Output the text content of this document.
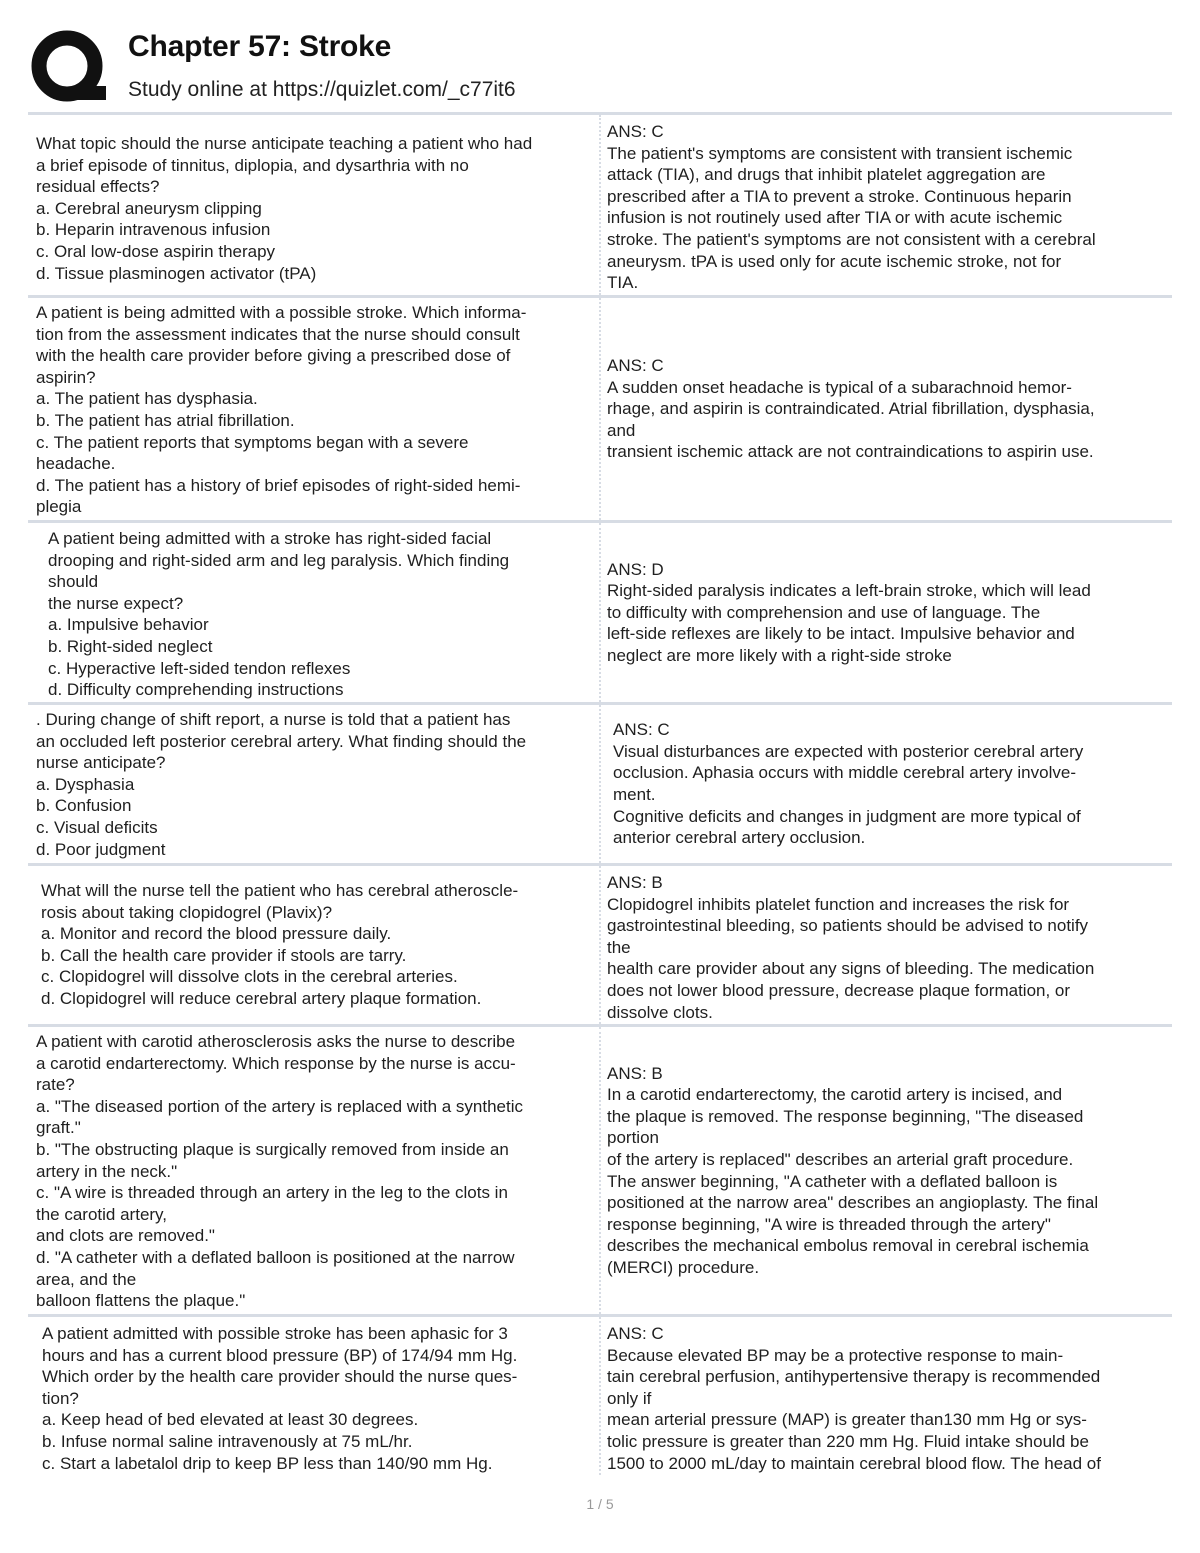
Chapter 57: Stroke

Study online at https://quizlet.com/_c77it6

What topic should the nurse anticipate teaching a patient who had
a brief episode of tinnitus, diplopia, and dysarthria with no
residual effects?
a. Cerebral aneurysm clipping
b. Heparin intravenous infusion
c. Oral low-dose aspirin therapy
d. Tissue plasminogen activator (tPA)
ANS: C
The patient's symptoms are consistent with transient ischemic
attack (TIA), and drugs that inhibit platelet aggregation are
prescribed after a TIA to prevent a stroke. Continuous heparin
infusion is not routinely used after TIA or with acute ischemic
stroke. The patient's symptoms are not consistent with a cerebral
aneurysm. tPA is used only for acute ischemic stroke, not for
TIA.
A patient is being admitted with a possible stroke. Which informa-
tion from the assessment indicates that the nurse should consult
with the health care provider before giving a prescribed dose of
aspirin?
a. The patient has dysphasia.
b. The patient has atrial fibrillation.
c. The patient reports that symptoms began with a severe
headache.
d. The patient has a history of brief episodes of right-sided hemi-
plegia
ANS: C
A sudden onset headache is typical of a subarachnoid hemor-
rhage, and aspirin is contraindicated. Atrial fibrillation, dysphasia,
and
transient ischemic attack are not contraindications to aspirin use.
A patient being admitted with a stroke has right-sided facial
drooping and right-sided arm and leg paralysis. Which finding
should
the nurse expect?
a. Impulsive behavior
b. Right-sided neglect
c. Hyperactive left-sided tendon reflexes
d. Difficulty comprehending instructions
ANS: D
Right-sided paralysis indicates a left-brain stroke, which will lead
to difficulty with comprehension and use of language. The
left-side reflexes are likely to be intact. Impulsive behavior and
neglect are more likely with a right-side stroke
. During change of shift report, a nurse is told that a patient has
an occluded left posterior cerebral artery. What finding should the
nurse anticipate?
a. Dysphasia
b. Confusion
c. Visual deficits
d. Poor judgment
ANS: C
Visual disturbances are expected with posterior cerebral artery
occlusion. Aphasia occurs with middle cerebral artery involve-
ment.
Cognitive deficits and changes in judgment are more typical of
anterior cerebral artery occlusion.
What will the nurse tell the patient who has cerebral atheroscle-
rosis about taking clopidogrel (Plavix)?
a. Monitor and record the blood pressure daily.
b. Call the health care provider if stools are tarry.
c. Clopidogrel will dissolve clots in the cerebral arteries.
d. Clopidogrel will reduce cerebral artery plaque formation.
ANS: B
Clopidogrel inhibits platelet function and increases the risk for
gastrointestinal bleeding, so patients should be advised to notify
the
health care provider about any signs of bleeding. The medication
does not lower blood pressure, decrease plaque formation, or
dissolve clots.
A patient with carotid atherosclerosis asks the nurse to describe
a carotid endarterectomy. Which response by the nurse is accu-
rate?
a. "The diseased portion of the artery is replaced with a synthetic
graft."
b. "The obstructing plaque is surgically removed from inside an
artery in the neck."
c. "A wire is threaded through an artery in the leg to the clots in
the carotid artery,
and clots are removed."
d. "A catheter with a deflated balloon is positioned at the narrow
area, and the
balloon flattens the plaque."
ANS: B
In a carotid endarterectomy, the carotid artery is incised, and
the plaque is removed. The response beginning, "The diseased
portion
of the artery is replaced" describes an arterial graft procedure.
The answer beginning, "A catheter with a deflated balloon is
positioned at the narrow area" describes an angioplasty. The final
response beginning, "A wire is threaded through the artery"
describes the mechanical embolus removal in cerebral ischemia
(MERCI) procedure.
A patient admitted with possible stroke has been aphasic for 3
hours and has a current blood pressure (BP) of 174/94 mm Hg.
Which order by the health care provider should the nurse ques-
tion?
a. Keep head of bed elevated at least 30 degrees.
b. Infuse normal saline intravenously at 75 mL/hr.
c. Start a labetalol drip to keep BP less than 140/90 mm Hg.
ANS: C
Because elevated BP may be a protective response to main-
tain cerebral perfusion, antihypertensive therapy is recommended
only if
mean arterial pressure (MAP) is greater than130 mm Hg or sys-
tolic pressure is greater than 220 mm Hg. Fluid intake should be
1500 to 2000 mL/day to maintain cerebral blood flow. The head of
1 / 5
